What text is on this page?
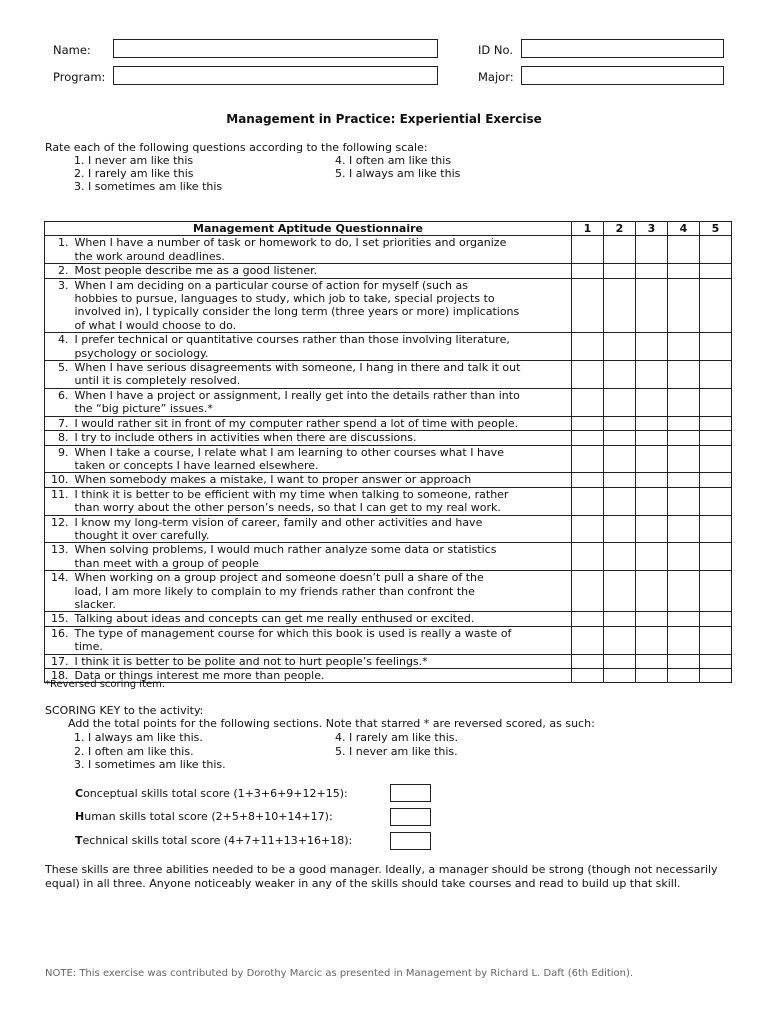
Name:
Program:
ID No.
Major:
Management in Practice: Experiential Exercise
Rate each of the following questions according to the following scale:
1. I never am like this
2. I rarely am like this
3. I sometimes am like this
4. I often am like this
5. I always am like this
Management Aptitude Questionnaire		1	2	3	4	5
1.	When I have a number of task or homework to do, I set priorities and organize
the work around deadlines.					

2.	Most people describe me as a good listener.					

3.	When I am deciding on a particular course of action for myself (such as
hobbies to pursue, languages to study, which job to take, special projects to
involved in), I typically consider the long term (three years or more) implications
of what I would choose to do.					

4.	I prefer technical or quantitative courses rather than those involving literature,
psychology or sociology.					

5.	When I have serious disagreements with someone, I hang in there and talk it out
until it is completely resolved.					

6.	When I have a project or assignment, I really get into the details rather than into
the “big picture” issues.*					

7.	I would rather sit in front of my computer rather spend a lot of time with people.					

8.	I try to include others in activities when there are discussions.					

9.	When I take a course, I relate what I am learning to other courses what I have
taken or concepts I have learned elsewhere.					

10.	When somebody makes a mistake, I want to proper answer or approach					

11.	I think it is better to be efficient with my time when talking to someone, rather
than worry about the other person’s needs, so that I can get to my real work.					

12.	I know my long-term vision of career, family and other activities and have
thought it over carefully.					

13.	When solving problems, I would much rather analyze some data or statistics
than meet with a group of people					

14.	When working on a group project and someone doesn’t pull a share of the
load, I am more likely to complain to my friends rather than confront the
slacker.					

15.	Talking about ideas and concepts can get me really enthused or excited.					

16.	The type of management course for which this book is used is really a waste of
time.					

17.	I think it is better to be polite and not to hurt people’s feelings.*					

18.	Data or things interest me more than people.					

*Reversed scoring item.
SCORING KEY to the activity:
Add the total points for the following sections. Note that starred * are reversed scored, as such:
1. I always am like this.
2. I often am like this.
3. I sometimes am like this.
4. I rarely am like this.
5. I never am like this.
Conceptual skills total score (1+3+6+9+12+15):
Human skills total score (2+5+8+10+14+17):
Technical skills total score (4+7+11+13+16+18):
These skills are three abilities needed to be a good manager. Ideally, a manager should be strong (though not necessarily equal) in all three. Anyone noticeably weaker in any of the skills should take courses and read to build up that skill.
NOTE: This exercise was contributed by Dorothy Marcic as presented in Management by Richard L. Daft (6th Edition).
